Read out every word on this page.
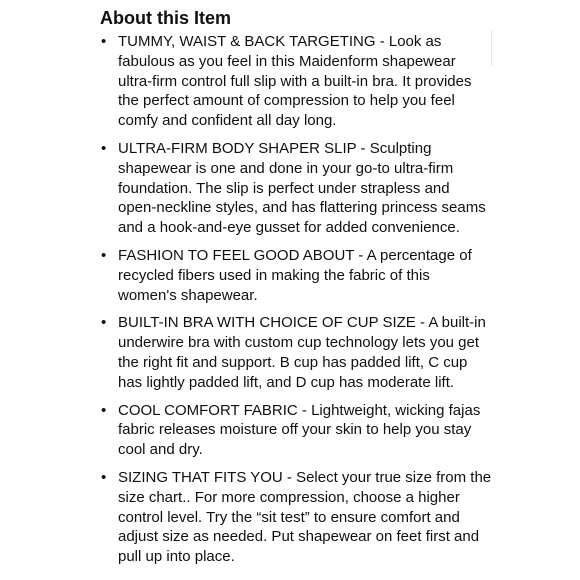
About this Item
• TUMMY, WAIST & BACK TARGETING - Look as fabulous as you feel in this Maidenform shapewear ultra-firm control full slip with a built-in bra. It provides the perfect amount of compression to help you feel comfy and confident all day long.
• ULTRA-FIRM BODY SHAPER SLIP - Sculpting shapewear is one and done in your go-to ultra-firm foundation. The slip is perfect under strapless and open-neckline styles, and has flattering princess seams and a hook-and-eye gusset for added convenience.
• FASHION TO FEEL GOOD ABOUT - A percentage of recycled fibers used in making the fabric of this women's shapewear.
• BUILT-IN BRA WITH CHOICE OF CUP SIZE - A built-in underwire bra with custom cup technology lets you get the right fit and support. B cup has padded lift, C cup has lightly padded lift, and D cup has moderate lift.
• COOL COMFORT FABRIC - Lightweight, wicking fajas fabric releases moisture off your skin to help you stay cool and dry.
• SIZING THAT FITS YOU - Select your true size from the size chart.. For more compression, choose a higher control level. Try the “sit test” to ensure comfort and adjust size as needed. Put shapewear on feet first and pull up into place.
